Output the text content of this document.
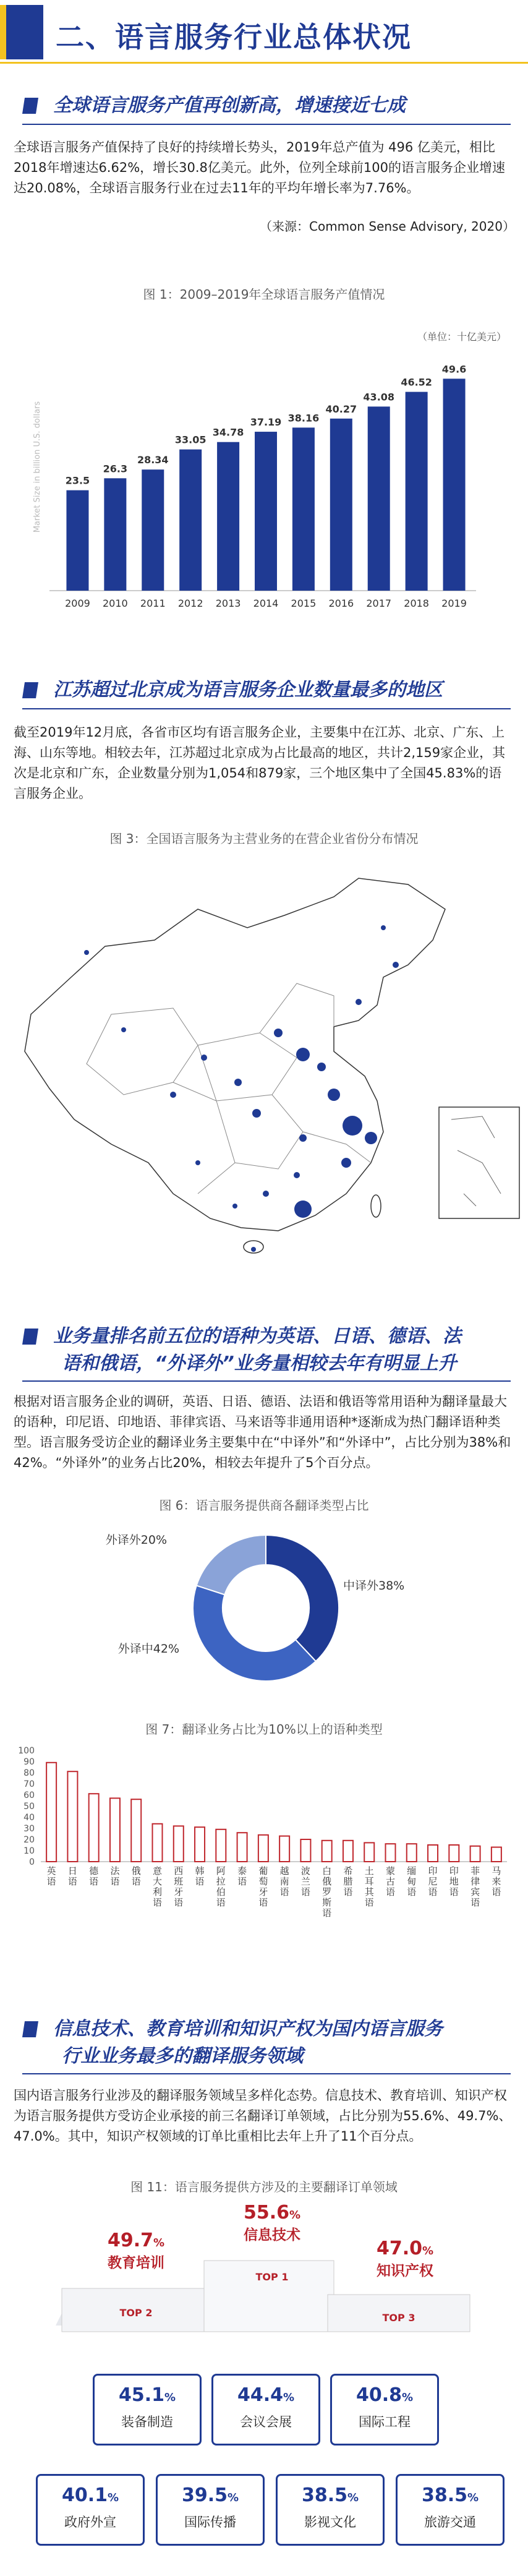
二、语言服务行业总体状况
全球语言服务产值再创新高，增速接近七成
全球语言服务产值保持了良好的持续增长势头，2019年总产值为 496 亿美元，相比2018年增速达6.62%，增长30.8亿美元。此外，位列全球前100的语言服务企业增速达20.08%，全球语言服务行业在过去11年的平均年增长率为7.76%。
（来源：Common Sense Advisory, 2020）
图 1：2009–2019年全球语言服务产值情况
（单位：十亿美元）
Market Size in billion U.S. dollars 23.5
2009
26.3
2010
28.34
2011
33.05
2012
34.78
2013
37.19
2014
38.16
2015
40.27
2016
43.08
2017
46.52
2018
49.6
2019
江苏超过北京成为语言服务企业数量最多的地区
截至2019年12月底，各省市区均有语言服务企业，主要集中在江苏、北京、广东、上海、山东等地。相较去年，江苏超过北京成为占比最高的地区，共计2,159家企业，其次是北京和广东，企业数量分别为1,054和879家，三个地区集中了全国45.83%的语言服务企业。
图 3：全国语言服务为主营业务的在营企业省份分布情况
业务量排名前五位的语种为英语、日语、德语、法
语和俄语，“外译外”业务量相较去年有明显上升
根据对语言服务企业的调研，英语、日语、德语、法语和俄语等常用语种为翻译量最大的语种，印尼语、印地语、菲律宾语、马来语等非通用语种*逐渐成为热门翻译语种类型。语言服务受访企业的翻译业务主要集中在“中译外”和“外译中”，占比分别为38%和42%。“外译外”的业务占比20%，相较去年提升了5个百分点。
图 6：语言服务提供商各翻译类型占比
中译外38%
外译中42%
外译外20%
图 7：翻译业务占比为10%以上的语种类型
0
10
20
30
40
50
60
70
80
90
100
英语
日语
德语
法语
俄语
意大利语
西班牙语
韩语
阿拉伯语
泰语
葡萄牙语
越南语
波兰语
白俄罗斯语
希腊语
土耳其语
蒙古语
缅甸语
印尼语
印地语
菲律宾语
马来语
信息技术、教育培训和知识产权为国内语言服务
行业业务最多的翻译服务领域
国内语言服务行业涉及的翻译服务领域呈多样化态势。信息技术、教育培训、知识产权为语言服务提供方受访企业承接的前三名翻译订单领域，占比分别为55.6%、49.7%、47.0%。其中，知识产权领域的订单比重相比去年上升了11个百分点。
图 11：语言服务提供方涉及的主要翻译订单领域
55.6%
信息技术
49.7%
教育培训
47.0%
知识产权
TOP 1
TOP 2	TOP 3
45.1%
装备制造
44.4%
会议会展
40.8%
国际工程
40.1%
政府外宣
39.5%
国际传播
38.5%
影视文化
38.5%
旅游交通
